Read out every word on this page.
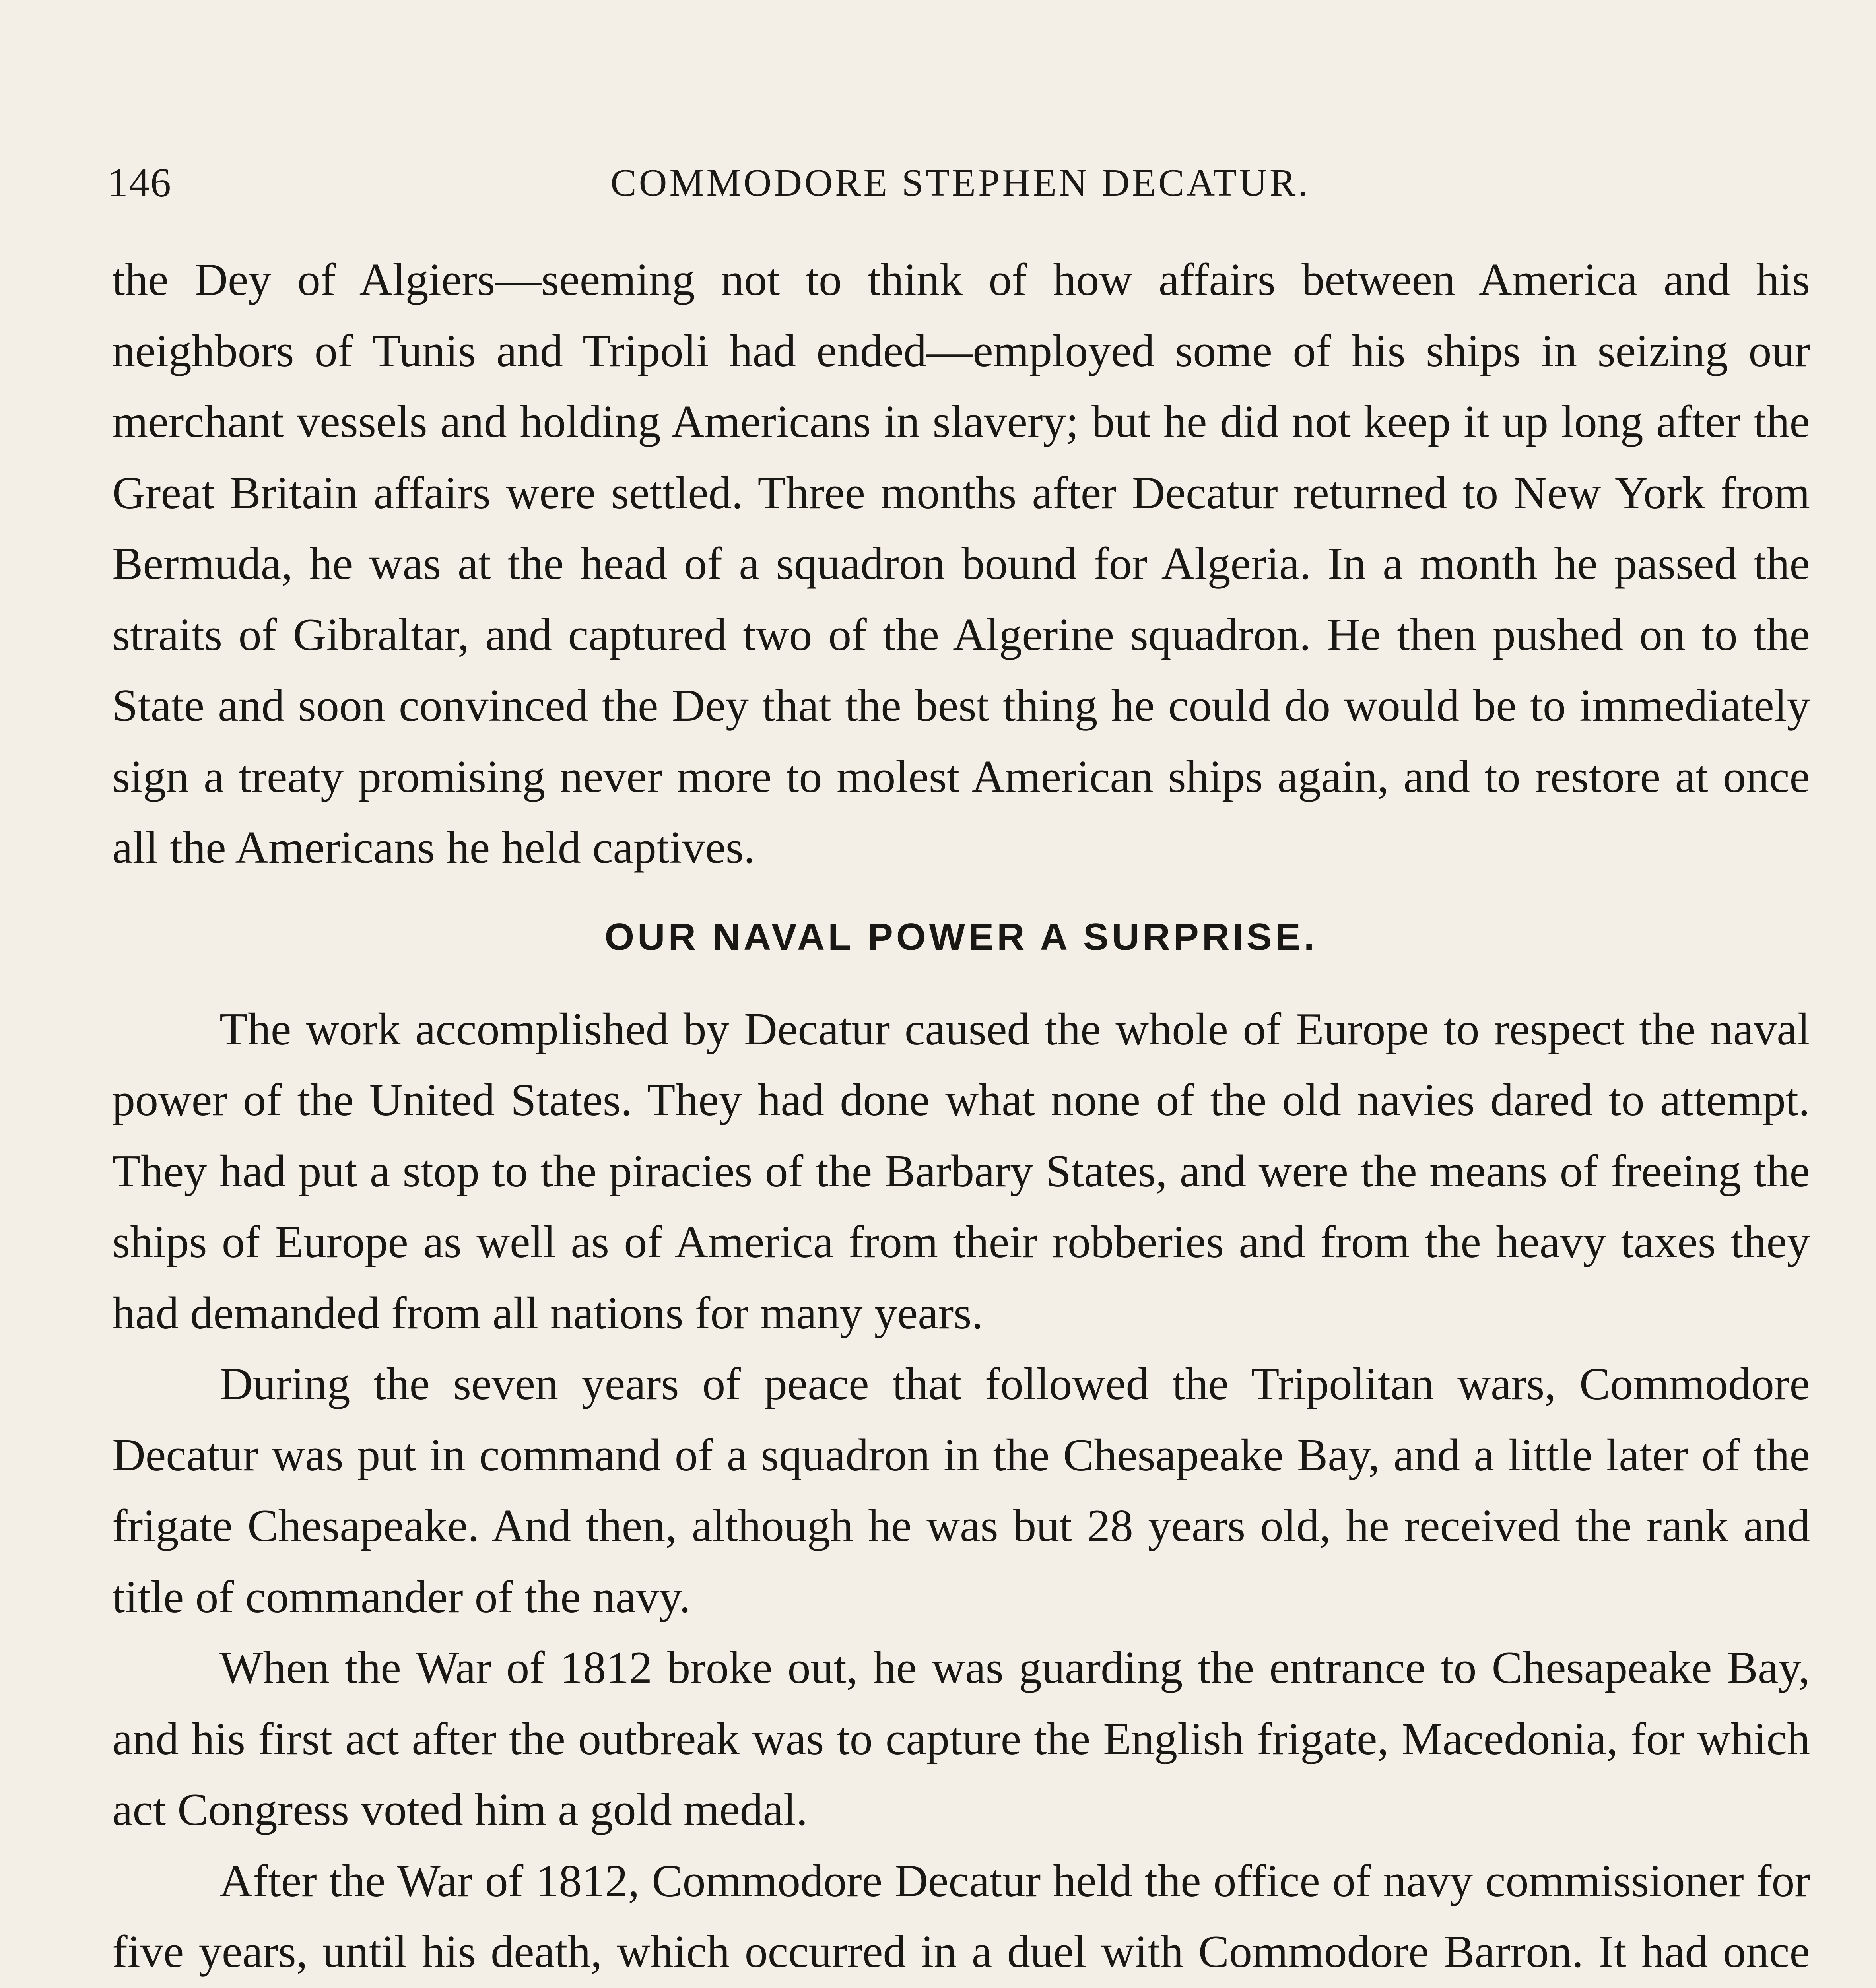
146	COMMODORE STEPHEN DECATUR.

the Dey of Algiers—seeming not to think of how affairs between America and his neighbors of Tunis and Tripoli had ended—employed some of his ships in seizing our merchant vessels and holding Americans in slavery; but he did not keep it up long after the Great Britain affairs were settled. Three months after Decatur returned to New York from Bermuda, he was at the head of a squadron bound for Algeria. In a month he passed the straits of Gibraltar, and captured two of the Algerine squadron. He then pushed on to the State and soon convinced the Dey that the best thing he could do would be to immediately sign a treaty promising never more to molest American ships again, and to restore at once all the Americans he held captives.

OUR NAVAL POWER A SURPRISE.

The work accomplished by Decatur caused the whole of Europe to respect the naval power of the United States. They had done what none of the old navies dared to attempt. They had put a stop to the piracies of the Barbary States, and were the means of freeing the ships of Europe as well as of America from their robberies and from the heavy taxes they had demanded from all nations for many years.

During the seven years of peace that followed the Tripolitan wars, Commodore Decatur was put in command of a squadron in the Chesapeake Bay, and a little later of the frigate Chesapeake. And then, although he was but 28 years old, he received the rank and title of commander of the navy.

When the War of 1812 broke out, he was guarding the entrance to Chesapeake Bay, and his first act after the outbreak was to capture the English frigate, Macedonia, for which act Congress voted him a gold medal.

After the War of 1812, Commodore Decatur held the office of navy commissioner for five years, until his death, which occurred in a duel with Commodore Barron. It had once
